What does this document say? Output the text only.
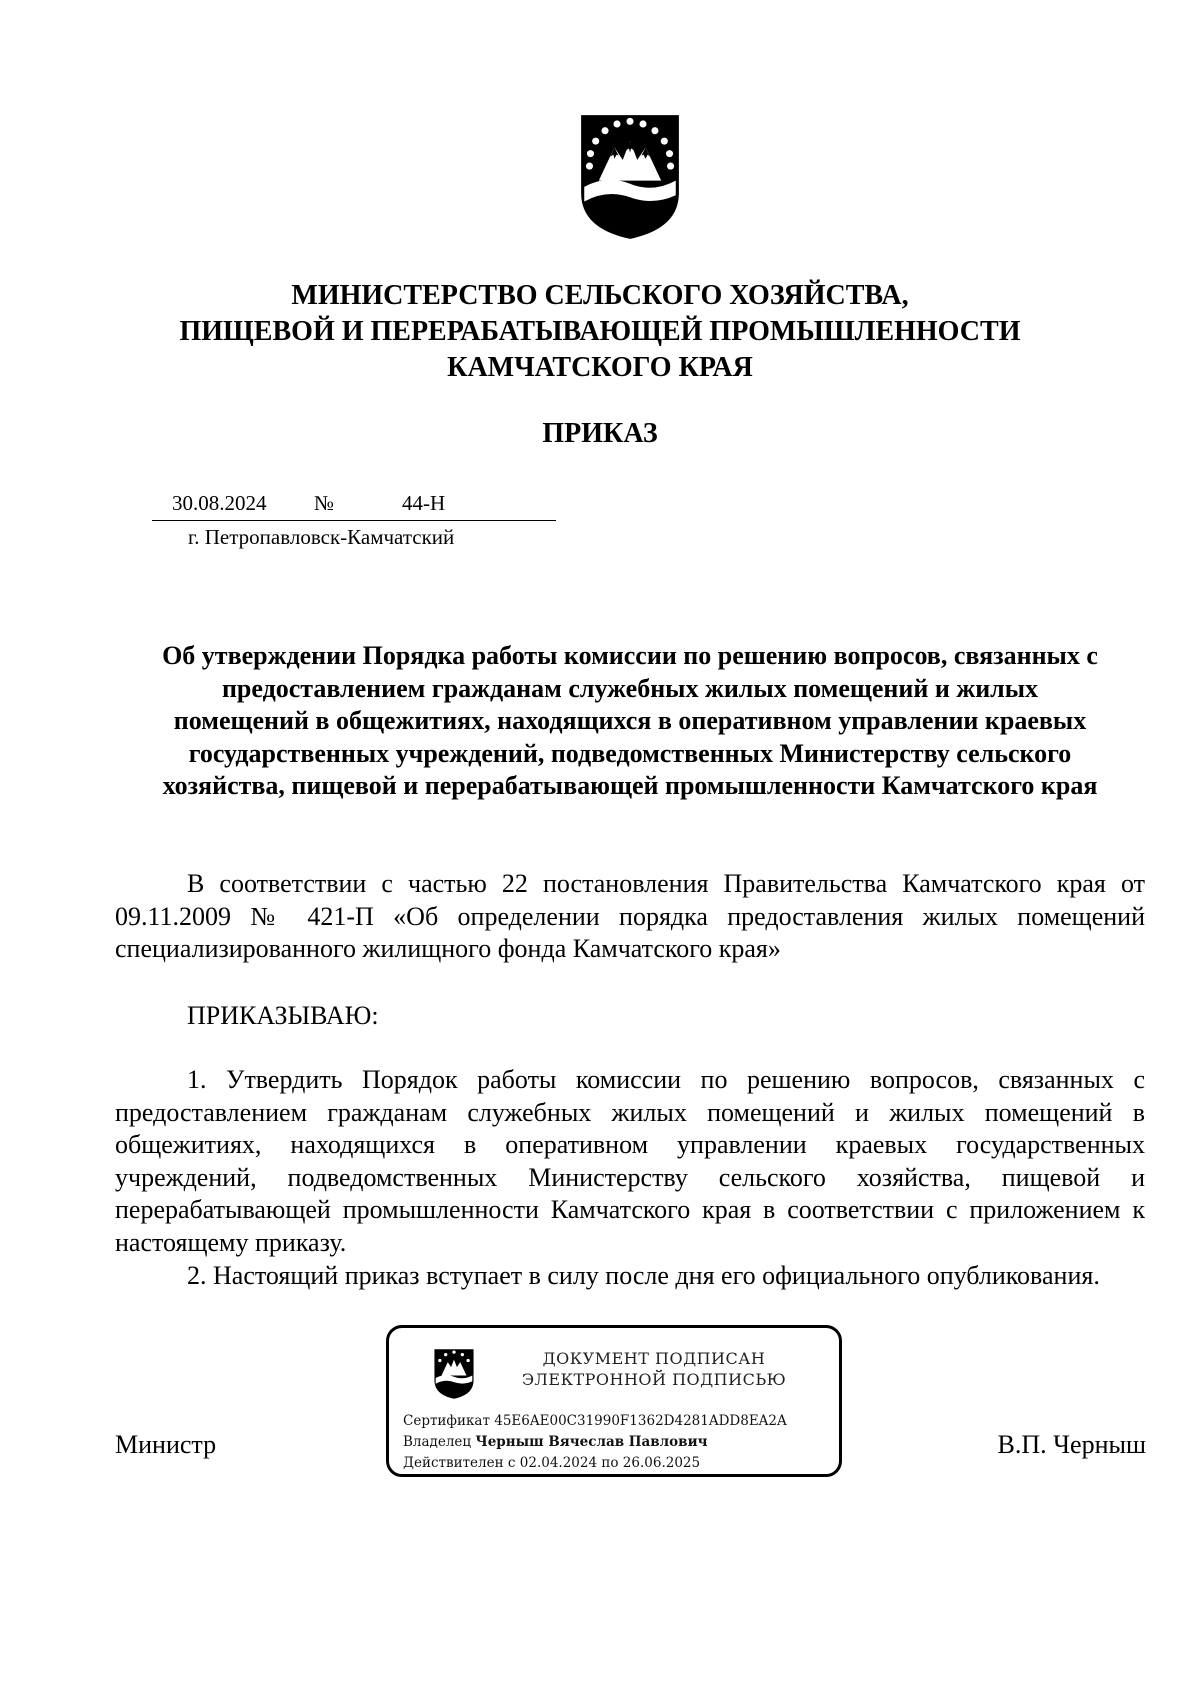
МИНИСТЕРСТВО СЕЛЬСКОГО ХОЗЯЙСТВА,
ПИЩЕВОЙ И ПЕРЕРАБАТЫВАЮЩЕЙ ПРОМЫШЛЕННОСТИ
КАМЧАТСКОГО КРАЯ
ПРИКАЗ
30.08.2024 №	44-Н
г. Петропавловск-Камчатский
Об утверждении Порядка работы комиссии по решению вопросов, связанных с
предоставлением гражданам служебных жилых помещений и жилых
помещений в общежитиях, находящихся в оперативном управлении краевых
государственных учреждений, подведомственных Министерству сельского
хозяйства, пищевой и перерабатывающей промышленности Камчатского края
В соответствии с частью 22 постановления Правительства Камчатского края от 09.11.2009 № 421-П «Об определении порядка предоставления жилых помещений специализированного жилищного фонда Камчатского края»
ПРИКАЗЫВАЮ:
1. Утвердить Порядок работы комиссии по решению вопросов, связанных с предоставлением гражданам служебных жилых помещений и жилых помещений в общежитиях, находящихся в оперативном управлении краевых государственных учреждений, подведомственных Министерству сельского хозяйства, пищевой и перерабатывающей промышленности Камчатского края в соответствии с приложением к настоящему приказу.
2. Настоящий приказ вступает в силу после дня его официального опубликования.
ДОКУМЕНТ ПОДПИСАН
ЭЛЕКТРОННОЙ ПОДПИСЬЮ
Сертификат 45E6AE00C31990F1362D4281ADD8EA2A
Владелец Черныш Вячеслав Павлович
Действителен с 02.04.2024 по 26.06.2025
Министр	В.П. Черныш
